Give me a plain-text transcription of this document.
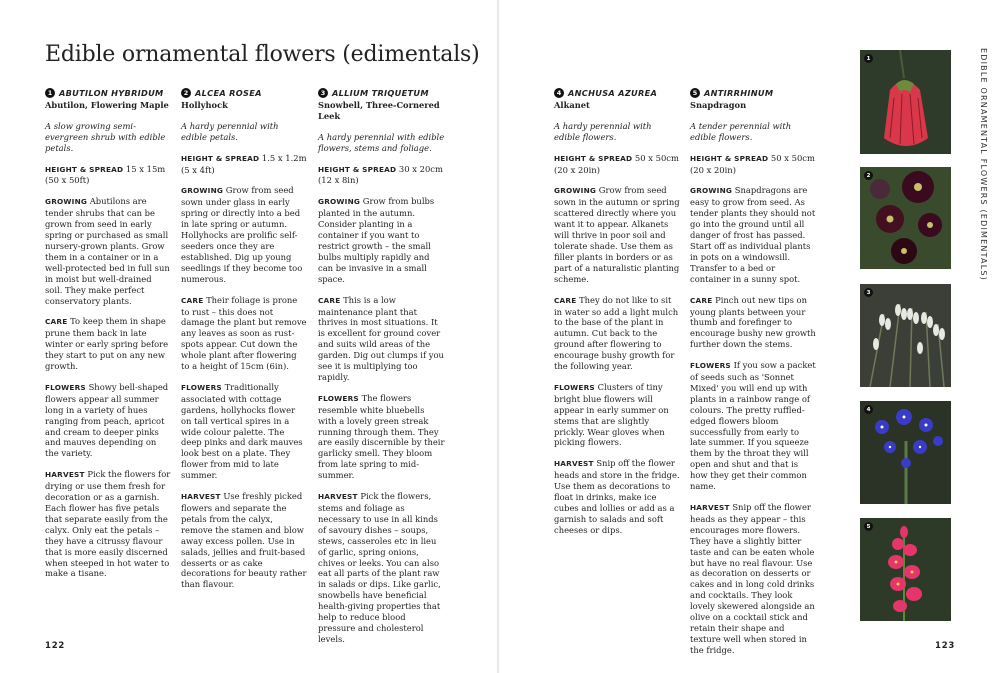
Edible ornamental flowers (edimentals)
1 ABUTILON HYBRIDUM
Abutilon, Flowering Maple
A slow growing semi-evergreen shrub with edible petals.
HEIGHT & SPREAD 15 x 15m (50 x 50ft)
GROWING Abutilons are tender shrubs that can be grown from seed in early spring or purchased as small nursery-grown plants. Grow them in a container or in a well-protected bed in full sun in moist but well-drained soil. They make perfect conservatory plants.
CARE To keep them in shape prune them back in late winter or early spring before they start to put on any new growth.
FLOWERS Showy bell-shaped flowers appear all summer long in a variety of hues ranging from peach, apricot and cream to deeper pinks and mauves depending on the variety.
HARVEST Pick the flowers for drying or use them fresh for decoration or as a garnish. Each flower has five petals that separate easily from the calyx. Only eat the petals – they have a citrussy flavour that is more easily discerned when steeped in hot water to make a tisane.
2 ALCEA ROSEA
Hollyhock
A hardy perennial with edible petals.
HEIGHT & SPREAD 1.5 x 1.2m (5 x 4ft)
GROWING Grow from seed sown under glass in early spring or directly into a bed in late spring or autumn. Hollyhocks are prolific self-seeders once they are established. Dig up young seedlings if they become too numerous.
CARE Their foliage is prone to rust – this does not damage the plant but remove any leaves as soon as rust-spots appear. Cut down the whole plant after flowering to a height of 15cm (6in).
FLOWERS Traditionally associated with cottage gardens, hollyhocks flower on tall vertical spires in a wide colour palette. The deep pinks and dark mauves look best on a plate. They flower from mid to late summer.
HARVEST Use freshly picked flowers and separate the petals from the calyx, remove the stamen and blow away excess pollen. Use in salads, jellies and fruit-based desserts or as cake decorations for beauty rather than flavour.
3 ALLIUM TRIQUETUM
Snowbell, Three-Cornered Leek
A hardy perennial with edible flowers, stems and foliage.
HEIGHT & SPREAD 30 x 20cm (12 x 8in)
GROWING Grow from bulbs planted in the autumn. Consider planting in a container if you want to restrict growth – the small bulbs multiply rapidly and can be invasive in a small space.
CARE This is a low maintenance plant that thrives in most situations. It is excellent for ground cover and suits wild areas of the garden. Dig out clumps if you see it is multiplying too rapidly.
FLOWERS The flowers resemble white bluebells with a lovely green streak running through them. They are easily discernible by their garlicky smell. They bloom from late spring to mid-summer.
HARVEST Pick the flowers, stems and foliage as necessary to use in all kinds of savoury dishes – soups, stews, casseroles etc in lieu of garlic, spring onions, chives or leeks. You can also eat all parts of the plant raw in salads or dips. Like garlic, snowbells have beneficial health-giving properties that help to reduce blood pressure and cholesterol levels.
4 ANCHUSA AZUREA
Alkanet
A hardy perennial with edible flowers.
HEIGHT & SPREAD 50 x 50cm (20 x 20in)
GROWING Grow from seed sown in the autumn or spring scattered directly where you want it to appear. Alkanets will thrive in poor soil and tolerate shade. Use them as filler plants in borders or as part of a naturalistic planting scheme.
CARE They do not like to sit in water so add a light mulch to the base of the plant in autumn. Cut back to the ground after flowering to encourage bushy growth for the following year.
FLOWERS Clusters of tiny bright blue flowers will appear in early summer on stems that are slightly prickly. Wear gloves when picking flowers.
HARVEST Snip off the flower heads and store in the fridge. Use them as decorations to float in drinks, make ice cubes and lollies or add as a garnish to salads and soft cheeses or dips.
5 ANTIRRHINUM
Snapdragon
A tender perennial with edible flowers.
HEIGHT & SPREAD 50 x 50cm (20 x 20in)
GROWING Snapdragons are easy to grow from seed. As tender plants they should not go into the ground until all danger of frost has passed. Start off as individual plants in pots on a windowsill. Transfer to a bed or container in a sunny spot.
CARE Pinch out new tips on young plants between your thumb and forefinger to encourage bushy new growth further down the stems.
FLOWERS If you sow a packet of seeds such as 'Sonnet Mixed' you will end up with plants in a rainbow range of colours. The pretty ruffled-edged flowers bloom successfully from early to late summer. If you squeeze them by the throat they will open and shut and that is how they get their common name.
HARVEST Snip off the flower heads as they appear – this encourages more flowers. They have a slightly bitter taste and can be eaten whole but have no real flavour. Use as decoration on desserts or cakes and in long cold drinks and cocktails. They look lovely skewered alongside an olive on a cocktail stick and retain their shape and texture well when stored in the fridge.
1
2
3
4
5
EDIBLE ORNAMENTAL FLOWERS (EDIMENTALS)
122	123
